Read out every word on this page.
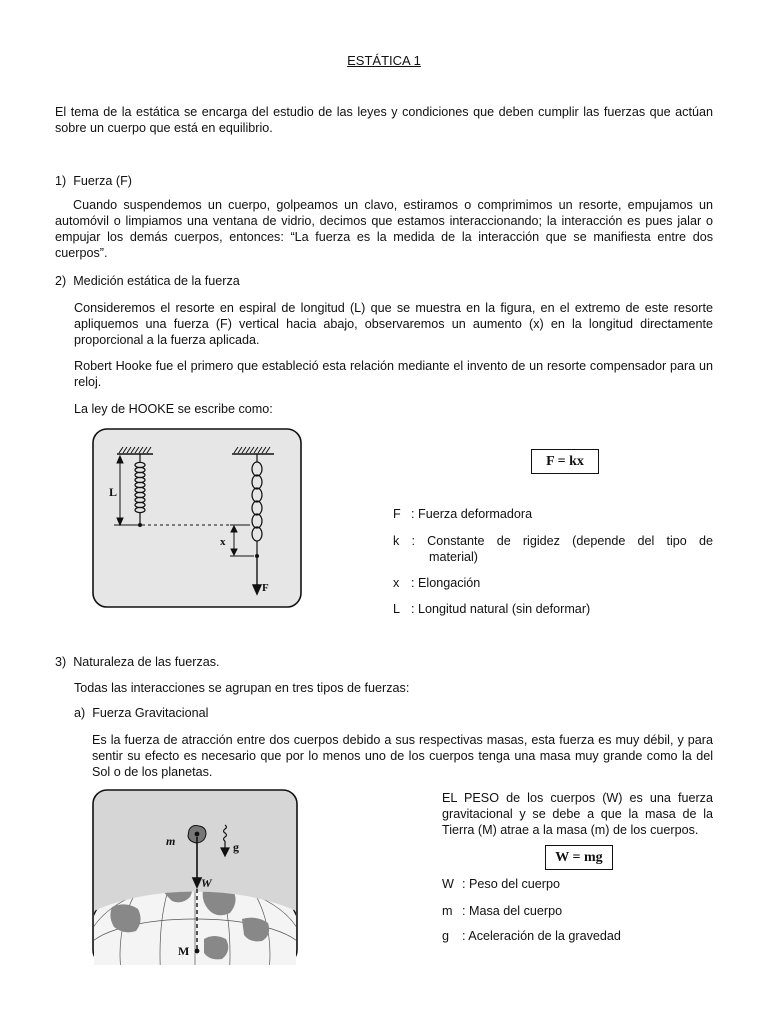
ESTÁTICA 1
El tema de la estática se encarga del estudio de las leyes y condiciones que deben cumplir las fuerzas que actúan sobre un cuerpo que está en equilibrio.
1)  Fuerza (F)
Cuando suspendemos un cuerpo, golpeamos un clavo, estiramos o comprimimos un resorte, empujamos un automóvil o limpiamos una ventana de vidrio, decimos que estamos interaccionando; la interacción es pues jalar o empujar los demás cuerpos, entonces: “La fuerza es la medida de la interacción que se manifiesta entre dos cuerpos”.
2)  Medición estática de la fuerza
Consideremos el resorte en espiral de longitud (L) que se muestra en la figura, en el extremo de este resorte apliquemos una fuerza (F) vertical hacia abajo, observaremos un aumento (x) en la longitud directamente proporcional a la fuerza aplicada.
Robert Hooke fue el primero que estableció esta relación mediante el invento de un resorte compensador para un reloj.
La ley de HOOKE se escribe como:
L
x
F
F = kx
F : Fuerza deformadora
k : Constante de rigidez (depende del tipo de
material)
x : Elongación
L : Longitud natural (sin deformar)
3)  Naturaleza de las fuerzas.
Todas las interacciones se agrupan en tres tipos de fuerzas:
a)  Fuerza Gravitacional
Es la fuerza de atracción entre dos cuerpos debido a sus respectivas masas, esta fuerza es muy débil, y para sentir su efecto es necesario que por lo menos uno de los cuerpos tenga una masa muy grande como la del Sol o de los planetas.
m	g
W
M
EL PESO de los cuerpos (W) es una fuerza gravitacional y se debe a que la masa de la Tierra (M) atrae a la masa (m) de los cuerpos.
W = mg
W : Peso del cuerpo
m : Masa del cuerpo
g : Aceleración de la gravedad
